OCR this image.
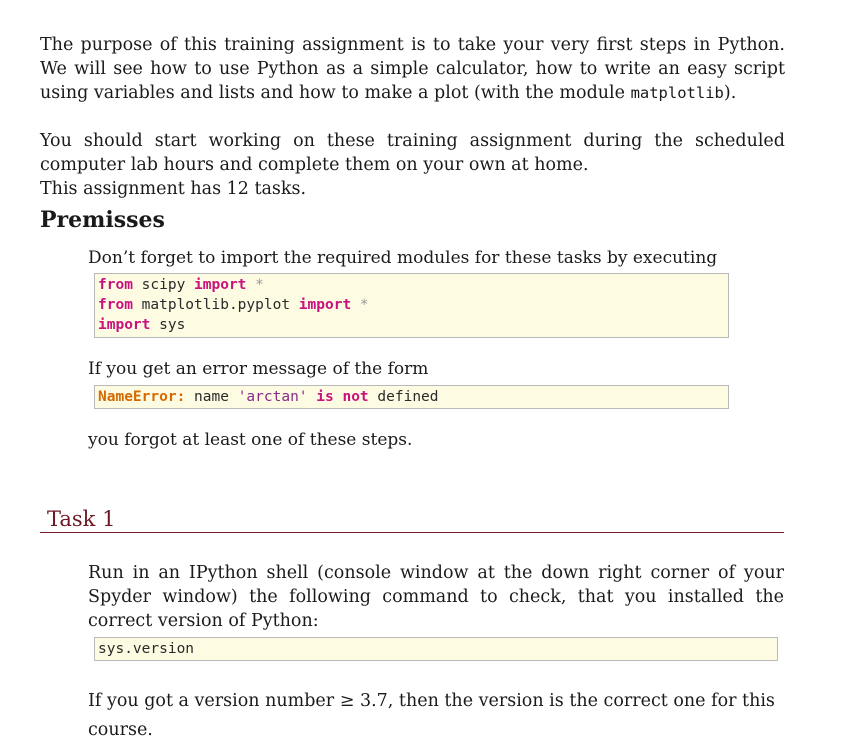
The purpose of this training assignment is to take your very first steps in Python. We will see how to use Python as a simple calculator, how to write an easy script using variables and lists and how to make a plot (with the module matplotlib).

You should start working on these training assignment during the scheduled computer lab hours and complete them on your own at home.

This assignment has 12 tasks.

Premisses

Don’t forget to import the required modules for these tasks by executing

from scipy import *
from matplotlib.pyplot import *
import sys

If you get an error message of the form

NameError: name 'arctan' is not defined

you forgot at least one of these steps.

Task 1

Run in an IPython shell (console window at the down right corner of your Spyder window) the following command to check, that you installed the correct version of Python:

sys.version

If you got a version number ≥ 3.7, then the version is the correct one for this
course.
